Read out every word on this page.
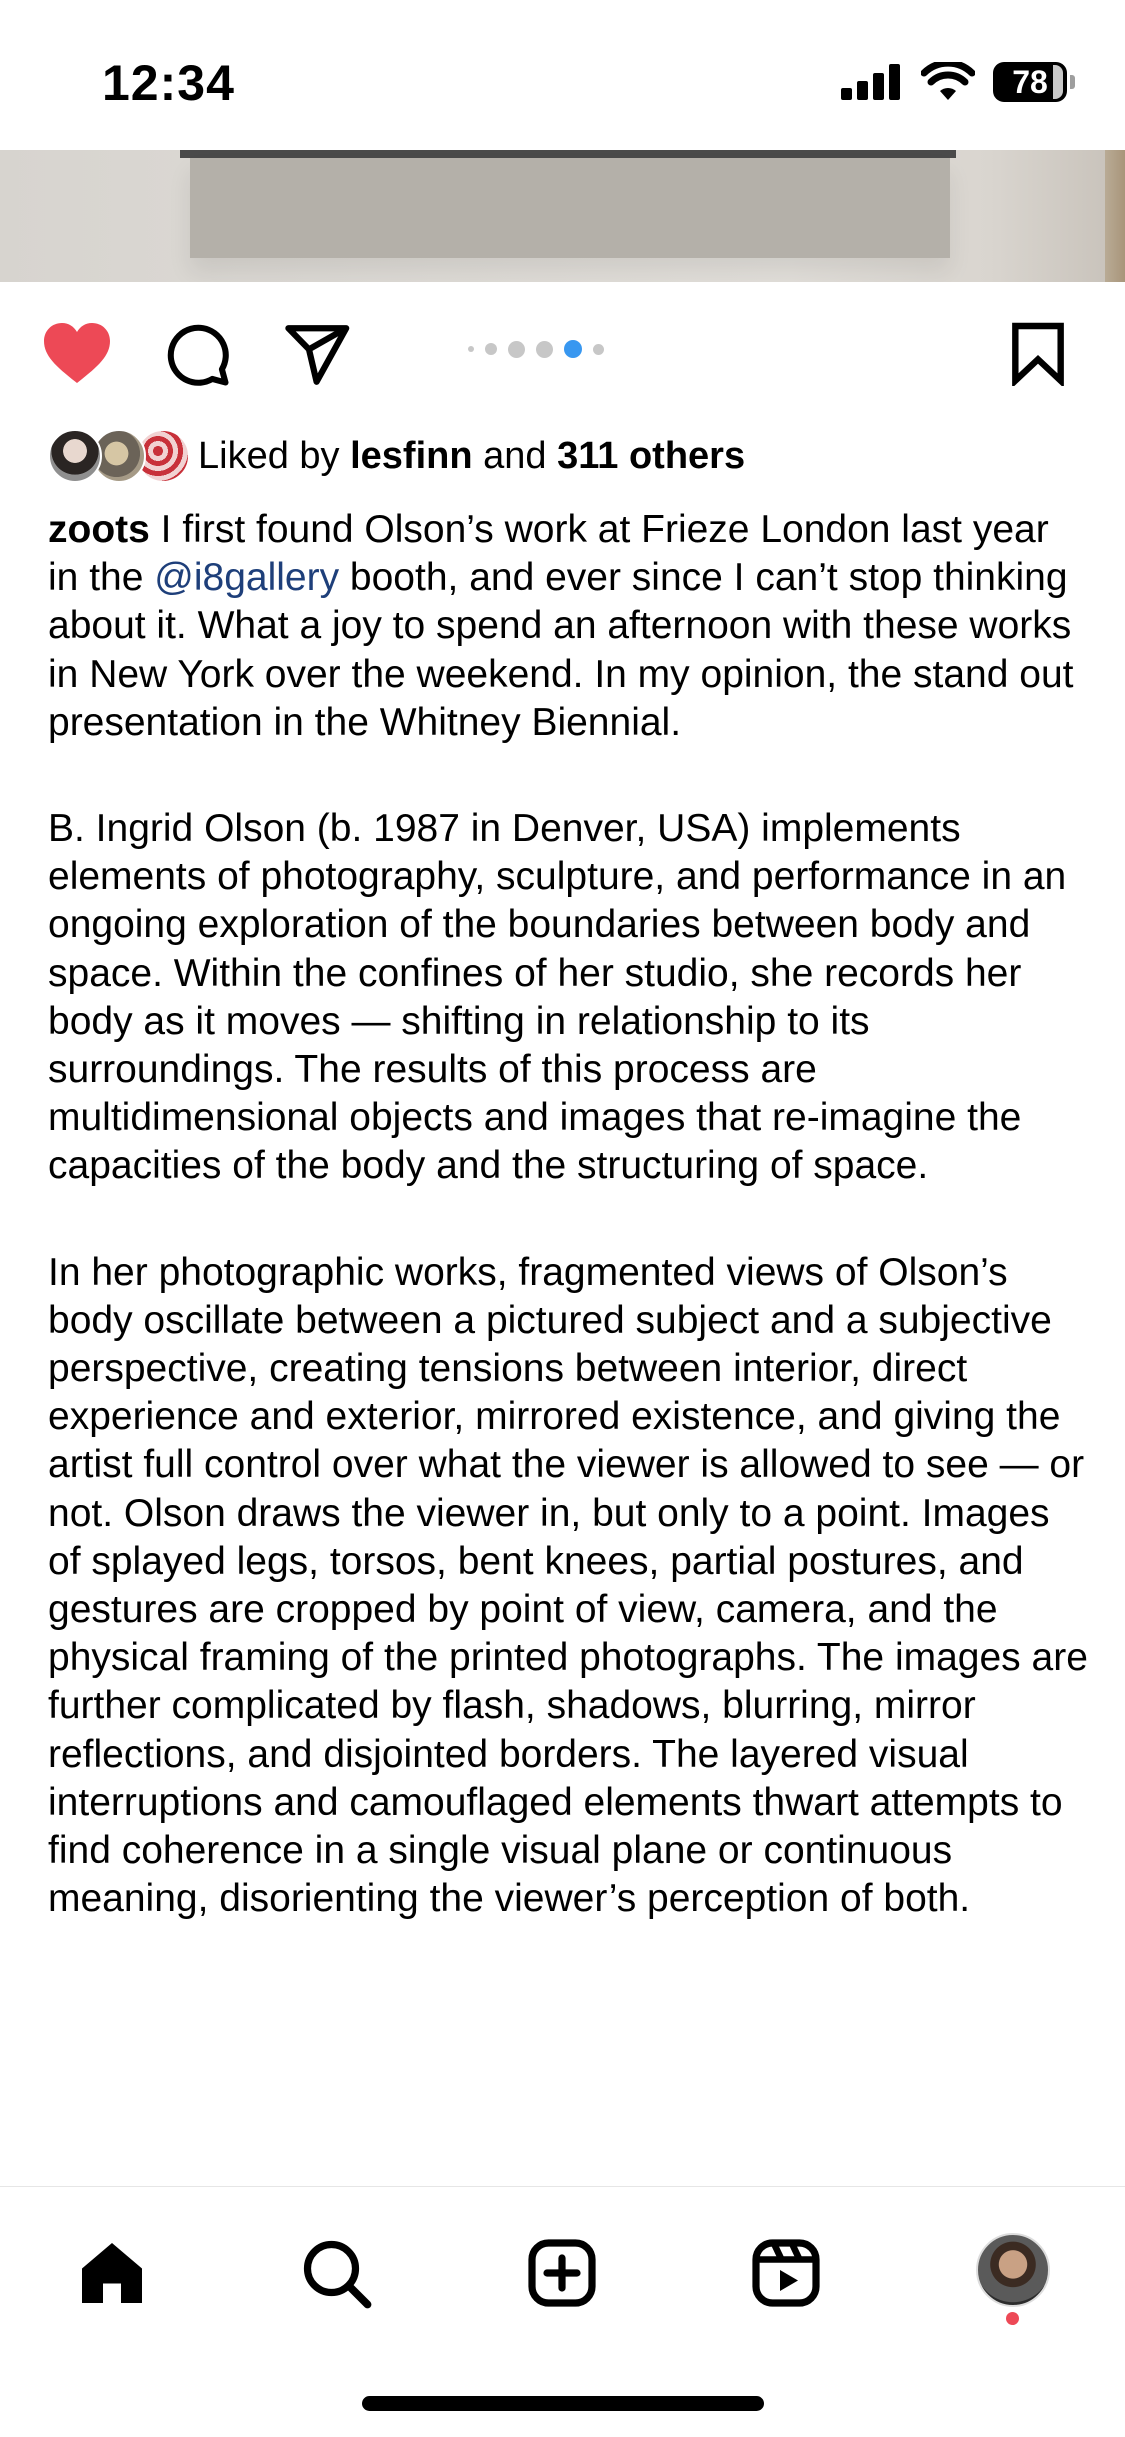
12:34	78
Liked by lesfinn and 311 others

zoots I first found Olson’s work at Frieze London last year in the @i8gallery booth, and ever since I can’t stop thinking about it. What a joy to spend an afternoon with these works in New York over the weekend. In my opinion, the stand out presentation in the Whitney Biennial.

B. Ingrid Olson (b. 1987 in Denver, USA) implements elements of photography, sculpture, and performance in an ongoing exploration of the boundaries between body and space. Within the confines of her studio, she records her body as it moves — shifting in relationship to its surroundings. The results of this process are multidimensional objects and images that re-imagine the capacities of the body and the structuring of space.

In her photographic works, fragmented views of Olson’s body oscillate between a pictured subject and a subjective perspective, creating tensions between interior, direct experience and exterior, mirrored existence, and giving the artist full control over what the viewer is allowed to see — or not. Olson draws the viewer in, but only to a point. Images of splayed legs, torsos, bent knees, partial postures, and gestures are cropped by point of view, camera, and the physical framing of the printed photographs. The images are further complicated by flash, shadows, blurring, mirror reflections, and disjointed borders. The layered visual interruptions and camouflaged elements thwart attempts to find coherence in a single visual plane or continuous meaning, disorienting the viewer’s perception of both.
